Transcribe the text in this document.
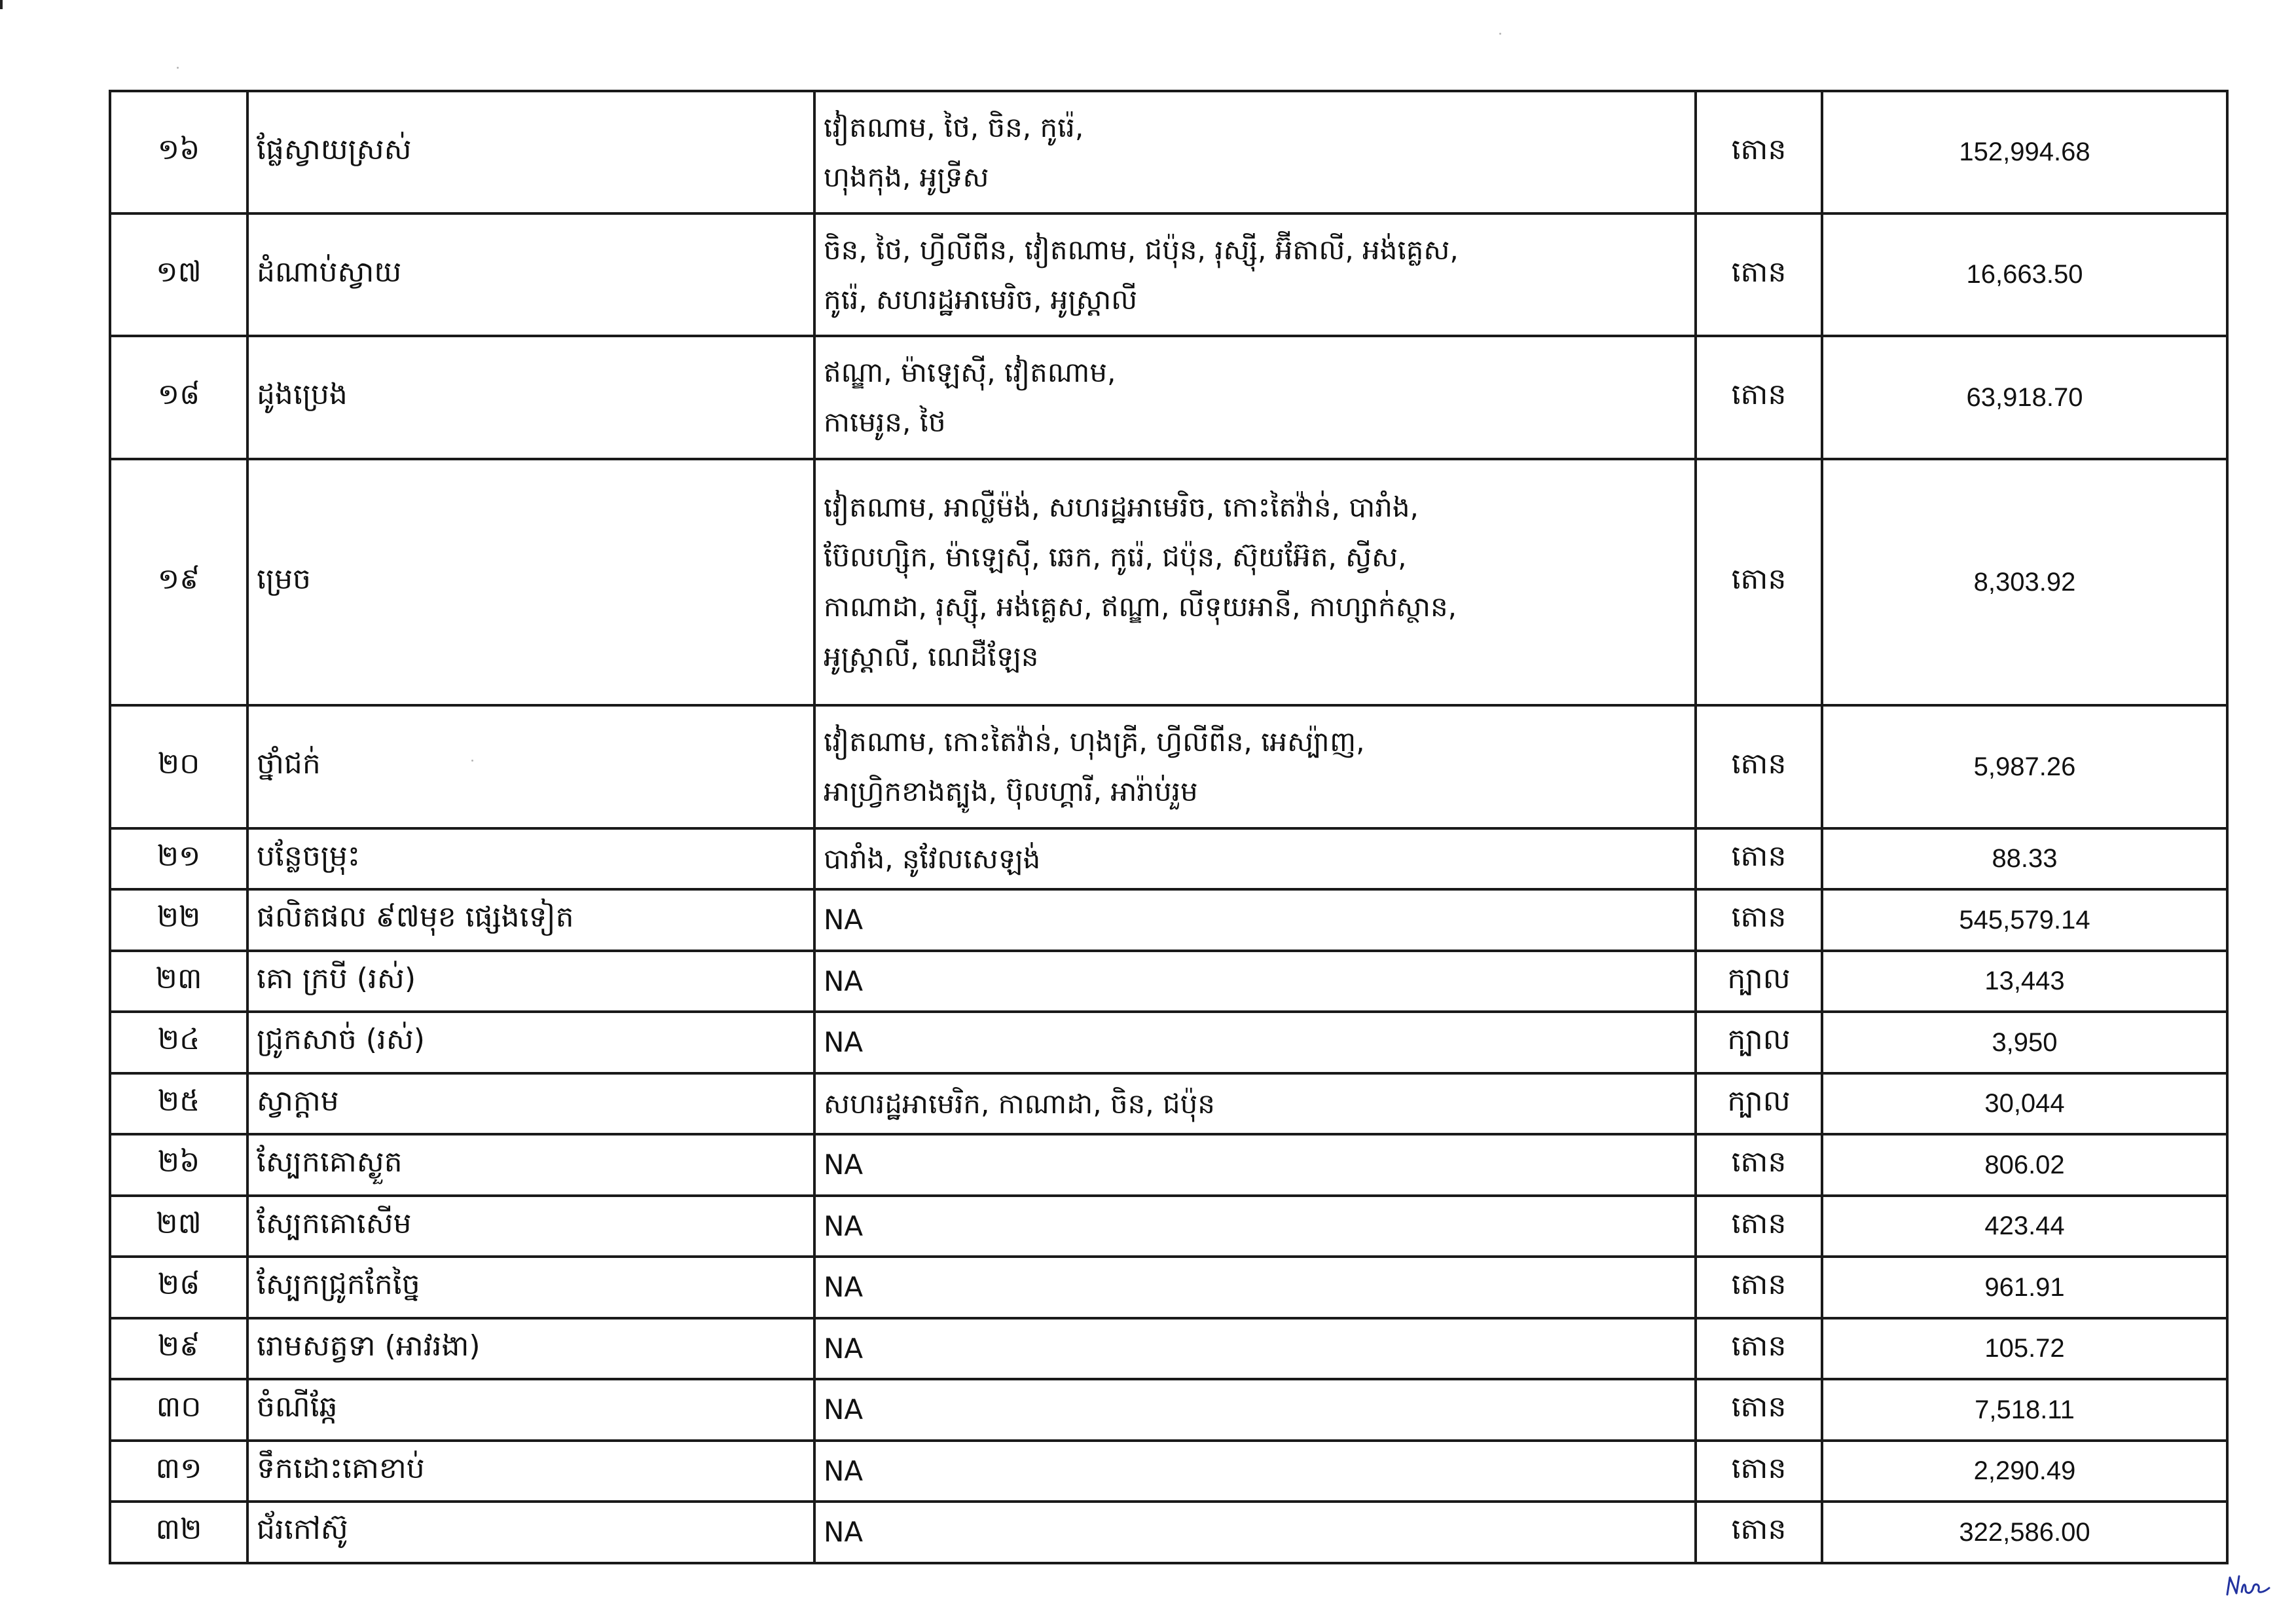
១៦	ផ្លែស្វាយស្រស់	វៀតណាម, ថៃ, ចិន, កូរ៉េ,
ហុងកុង, អូទ្រីស	តោន	152,994.68
១៧	ដំណាប់ស្វាយ	ចិន, ថៃ, ហ្វីលីពីន, វៀតណាម, ជប៉ុន, រុស្ស៊ី, អ៊ីតាលី, អង់គ្លេស,
កូរ៉េ, សហរដ្ឋអាមេរិច, អូស្ត្រាលី	តោន	16,663.50
១៨	ដូងប្រេង	ឥណ្ឌា, ម៉ាឡេស៊ី, វៀតណាម,
កាមេរូន, ថៃ	តោន	63,918.70
១៩	ម្រេច	វៀតណាម, អាល្លឺម៉ង់, សហរដ្ឋអាមេរិច, កោះតៃវ៉ាន់, បារាំង,
ប៊ែលហ្ស៊ិក, ម៉ាឡេស៊ី, ឆេក, កូរ៉េ, ជប៉ុន, ស៊ុយអ៊ែត, ស្វីស,
កាណាដា, រុស្ស៊ី, អង់គ្លេស, ឥណ្ឌា, លីទុយអានី, កាហ្សាក់ស្ថាន,
អូស្ត្រាលី, ណេដឺឡែន	តោន	8,303.92
២០	ថ្នាំជក់	វៀតណាម, កោះតៃវ៉ាន់, ហុងគ្រី, ហ្វីលីពីន, អេស្ប៉ាញ,
អាហ្វ្រិកខាងត្បូង, ប៊ុលហ្គារី, អារ៉ាប់រួម	តោន	5,987.26
២១	បន្លែចម្រុះ	បារាំង, នូវែលសេឡង់	តោន	88.33
២២	ផលិតផល ៩៧មុខ ផ្សេងទៀត	NA	តោន	545,579.14
២៣	គោ ក្របី (រស់)	NA	ក្បាល	13,443
២៤	ជ្រូកសាច់ (រស់)	NA	ក្បាល	3,950
២៥	ស្វាក្ដាម	សហរដ្ឋអាមេរិក, កាណាដា, ចិន, ជប៉ុន	ក្បាល	30,044
២៦	ស្បែកគោស្ងួត	NA	តោន	806.02
២៧	ស្បែកគោសើម	NA	តោន	423.44
២៨	ស្បែកជ្រូកកែច្នៃ	NA	តោន	961.91
២៩	រោមសត្វទា (អាវរងា)	NA	តោន	105.72
៣០	ចំណីឆ្កែ	NA	តោន	7,518.11
៣១	ទឹកដោះគោខាប់	NA	តោន	2,290.49
៣២	ជ័រកៅស៊ូ	NA	តោន	322,586.00
